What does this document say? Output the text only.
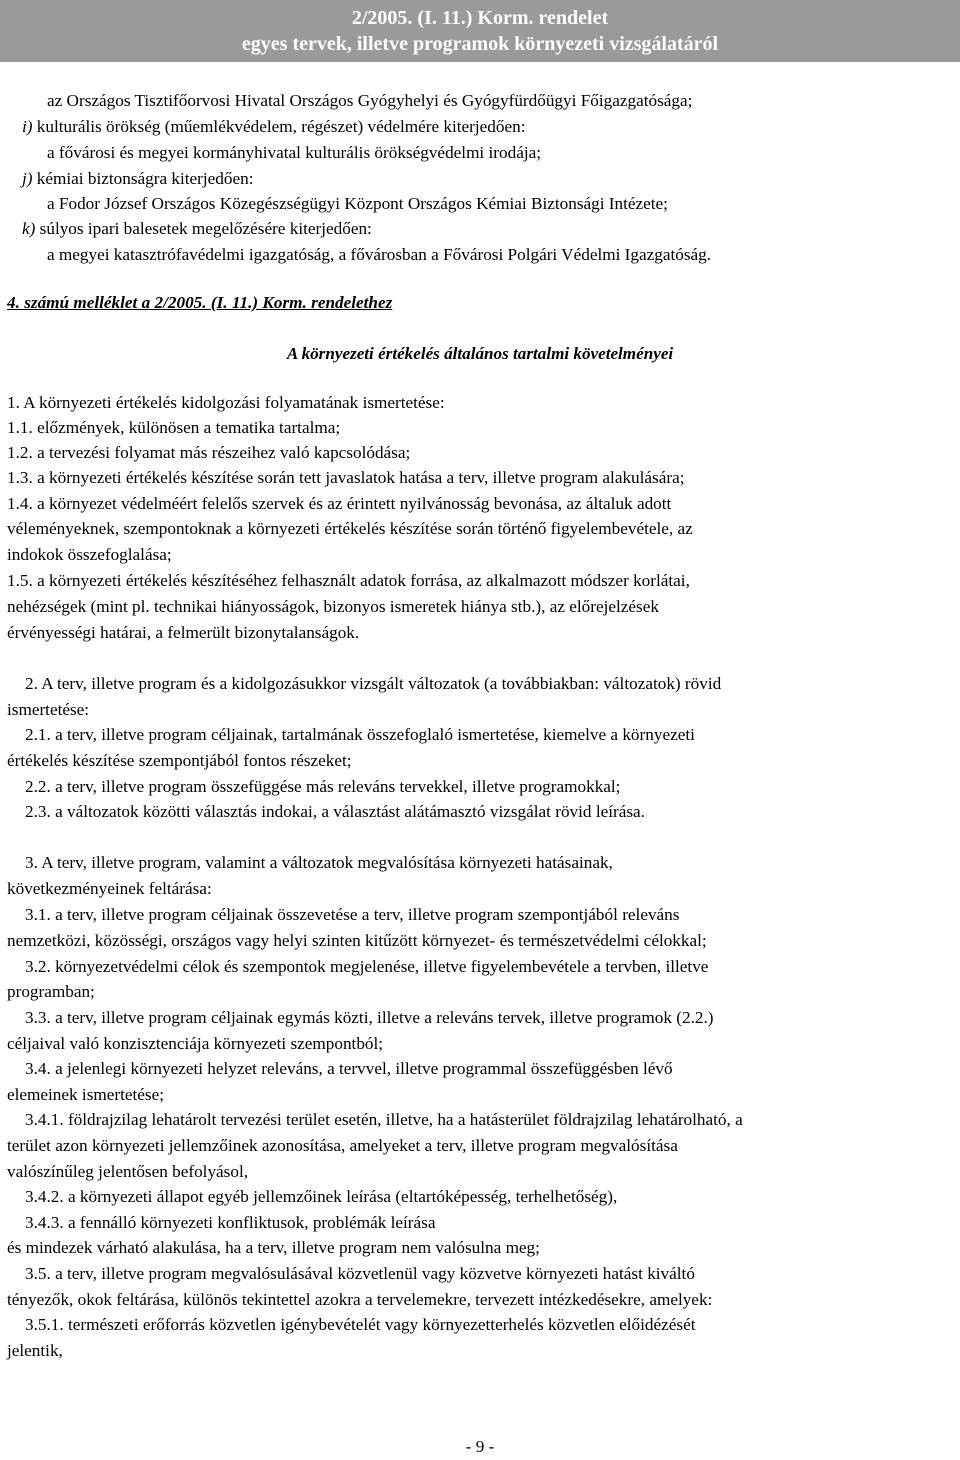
2/2005. (I. 11.) Korm. rendelet
egyes tervek, illetve programok környezeti vizsgálatáról
az Országos Tisztifőorvosi Hivatal Országos Gyógyhelyi és Gyógyfürdőügyi Főigazgatósága;
i) kulturális örökség (műemlékvédelem, régészet) védelmére kiterjedően:
a fővárosi és megyei kormányhivatal kulturális örökségvédelmi irodája;
j) kémiai biztonságra kiterjedően:
a Fodor József Országos Közegészségügyi Központ Országos Kémiai Biztonsági Intézete;
k) súlyos ipari balesetek megelőzésére kiterjedően:
a megyei katasztrófavédelmi igazgatóság, a fővárosban a Fővárosi Polgári Védelmi Igazgatóság.
4. számú melléklet a 2/2005. (I. 11.) Korm. rendelethez
A környezeti értékelés általános tartalmi követelményei
1. A környezeti értékelés kidolgozási folyamatának ismertetése:
1.1. előzmények, különösen a tematika tartalma;
1.2. a tervezési folyamat más részeihez való kapcsolódása;
1.3. a környezeti értékelés készítése során tett javaslatok hatása a terv, illetve program alakulására;
1.4. a környezet védelméért felelős szervek és az érintett nyilvánosság bevonása, az általuk adott
véleményeknek, szempontoknak a környezeti értékelés készítése során történő figyelembevétele, az
indokok összefoglalása;
1.5. a környezeti értékelés készítéséhez felhasznált adatok forrása, az alkalmazott módszer korlátai,
nehézségek (mint pl. technikai hiányosságok, bizonyos ismeretek hiánya stb.), az előrejelzések
érvényességi határai, a felmerült bizonytalanságok.
2. A terv, illetve program és a kidolgozásukkor vizsgált változatok (a továbbiakban: változatok) rövid
ismertetése:
2.1. a terv, illetve program céljainak, tartalmának összefoglaló ismertetése, kiemelve a környezeti
értékelés készítése szempontjából fontos részeket;
2.2. a terv, illetve program összefüggése más releváns tervekkel, illetve programokkal;
2.3. a változatok közötti választás indokai, a választást alátámasztó vizsgálat rövid leírása.
3. A terv, illetve program, valamint a változatok megvalósítása környezeti hatásainak,
következményeinek feltárása:
3.1. a terv, illetve program céljainak összevetése a terv, illetve program szempontjából releváns
nemzetközi, közösségi, országos vagy helyi szinten kitűzött környezet- és természetvédelmi célokkal;
3.2. környezetvédelmi célok és szempontok megjelenése, illetve figyelembevétele a tervben, illetve
programban;
3.3. a terv, illetve program céljainak egymás közti, illetve a releváns tervek, illetve programok (2.2.)
céljaival való konzisztenciája környezeti szempontból;
3.4. a jelenlegi környezeti helyzet releváns, a tervvel, illetve programmal összefüggésben lévő
elemeinek ismertetése;
3.4.1. földrajzilag lehatárolt tervezési terület esetén, illetve, ha a hatásterület földrajzilag lehatárolható, a
terület azon környezeti jellemzőinek azonosítása, amelyeket a terv, illetve program megvalósítása
valószínűleg jelentősen befolyásol,
3.4.2. a környezeti állapot egyéb jellemzőinek leírása (eltartóképesség, terhelhetőség),
3.4.3. a fennálló környezeti konfliktusok, problémák leírása
és mindezek várható alakulása, ha a terv, illetve program nem valósulna meg;
3.5. a terv, illetve program megvalósulásával közvetlenül vagy közvetve környezeti hatást kiváltó
tényezők, okok feltárása, különös tekintettel azokra a tervelemekre, tervezett intézkedésekre, amelyek:
3.5.1. természeti erőforrás közvetlen igénybevételét vagy környezetterhelés közvetlen előidézését
jelentik,
- 9 -
